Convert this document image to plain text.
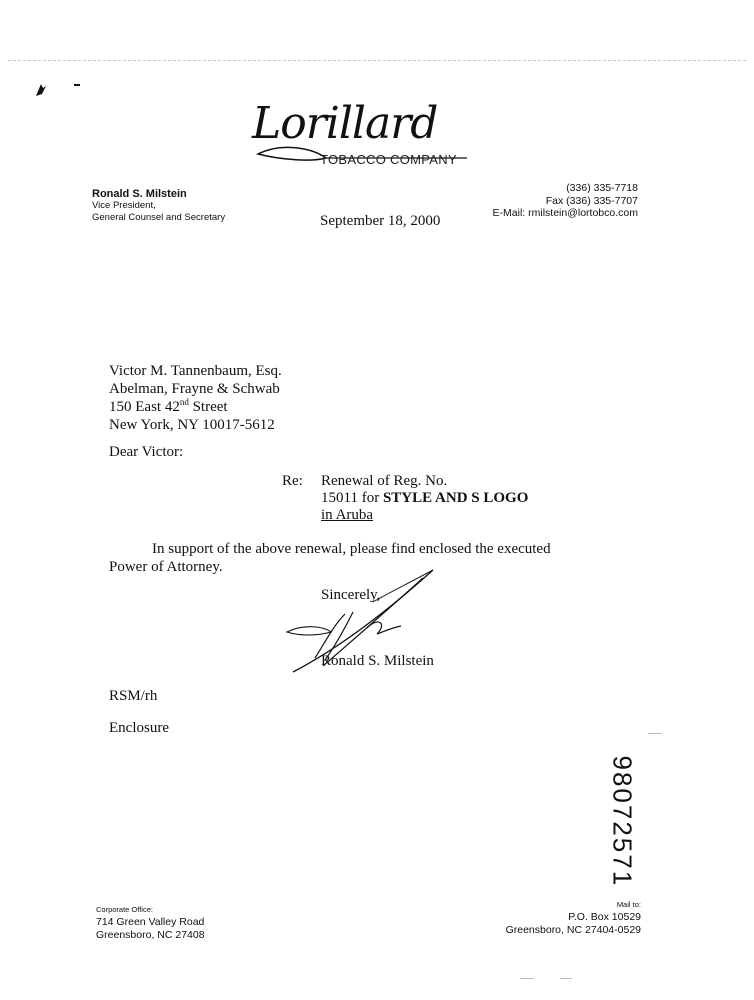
Lorillard
TOBACCO COMPANY
Ronald S. Milstein
Vice President,
General Counsel and Secretary
(336) 335-7718
Fax (336) 335-7707
E-Mail: rmilstein@lortobco.com
September 18, 2000
Victor M. Tannenbaum, Esq.
Abelman, Frayne & Schwab
150 East 42nd Street
New York, NY 10017-5612
Dear Victor:
Re: Renewal of Reg. No.
15011 for STYLE AND S LOGO
in Aruba
In support of the above renewal, please find enclosed the executed Power of Attorney.
Sincerely,
Ronald S. Milstein
RSM/rh
Enclosure
98072571
Corporate Office:
714 Green Valley Road
Greensboro, NC 27408
Mail to:
P.O. Box 10529
Greensboro, NC 27404-0529
